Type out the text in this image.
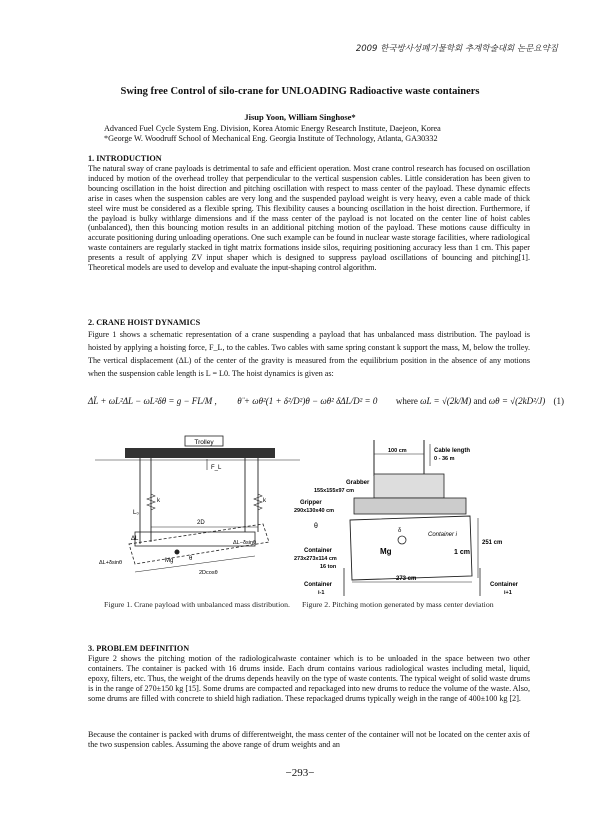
2009 한국방사성폐기물학회 추계학술대회 논문요약집
Swing free Control of silo-crane for UNLOADING Radioactive waste containers
Jisup Yoon, William Singhose*
Advanced Fuel Cycle System Eng. Division, Korea Atomic Energy Research Institute, Daejeon, Korea
*George W. Woodruff School of Mechanical Eng. Georgia Institute of Technology, Atlanta, GA30332
1. INTRODUCTION

The natural sway of crane payloads is detrimental to safe and efficient operation. Most crane control research has focused on oscillation induced by motion of the overhead trolley that perpendicular to the vertical suspension cables. Little consideration has been given to bouncing oscillation in the hoist direction and pitching oscillation with respect to mass center of the payload. These dynamic effects arise in cases when the suspension cables are very long and the suspended payload weight is very heavy, even a cable made of thick steel wire must be considered as a flexible spring. This flexibility causes a bouncing oscillation in the hoist direction. Furthermore, if the payload is bulky withlarge dimensions and if the mass center of the payload is not located on the center line of hoist cables (unbalanced), then this bouncing motion results in an additional pitching motion of the payload. These motions cause difficulty in accurate positioning during unloading operations. One such example can be found in nuclear waste storage facilities, where radiological waste containers are regularly stacked in tight matrix formations inside silos, requiring positioning accuracy less than 1 cm. This paper presents a result of applying ZV input shaper which is designed to suppress payload oscillations of bouncing and pitching[1]. Theoretical models are used to develop and evaluate the input-shaping control algorithm.

2. CRANE HOIST DYNAMICS

Figure 1 shows a schematic representation of a crane suspending a payload that has unbalanced mass distribution. The payload is hoisted by applying a hoisting force, F_L, to the cables. Two cables with same spring constant k support the mass, M, below the trolley. The vertical displacement (ΔL) of the center of the gravity is measured from the equilibrium position in the absence of any motions when the suspension cable length is L = L0. The hoist dynamics is given as:

ΔL̈ + ωL²ΔL − ωL²δθ = g − FL/M , θ̈ + ωθ²(1 + δ²/D²)θ − ωθ² δΔL/D² = 0 where ωL = √(2k/M) and ωθ = √(2kD²/J) (1)
Trolley
F_L
k	k
L₀
2D
ΔL
ΔL−δsinθ
ΔL+δsinθ	Mg	θ
2Dcosθ
Figure 1. Crane payload with unbalanced mass distribution.
100 cm	Cable length
0 - 36 m
Grabber
155x155x97 cm
Gripper
290x130x40 cm
θ
Container i
δ
Mg
Container
273x273x114 cm
16 ton
251 cm
1 cm
273 cm
Container
i-1
Container
i+1
Figure 2. Pitching motion generated by mass center deviation
3. PROBLEM DEFINITION

Figure 2 shows the pitching motion of the radiologicalwaste container which is to be unloaded in the space between two other containers. The container is packed with 16 drums inside. Each drum contains various radiological wastes including metal, liquid, epoxy, filters, etc. Thus, the weight of the drums depends heavily on the type of waste contents. The typical weight of solid waste drums is in the range of 270±150 kg [15]. Some drums are compacted and repackaged into new drums to reduce the volume of the waste. Also, some drums are filled with concrete to shield high radiation. These repackaged drums typically weigh in the range of 400±100 kg [2].

Because the container is packed with drums of differentweight, the mass center of the container will not be located on the center axis of the two suspension cables. Assuming the above range of drum weights and an

−293−
